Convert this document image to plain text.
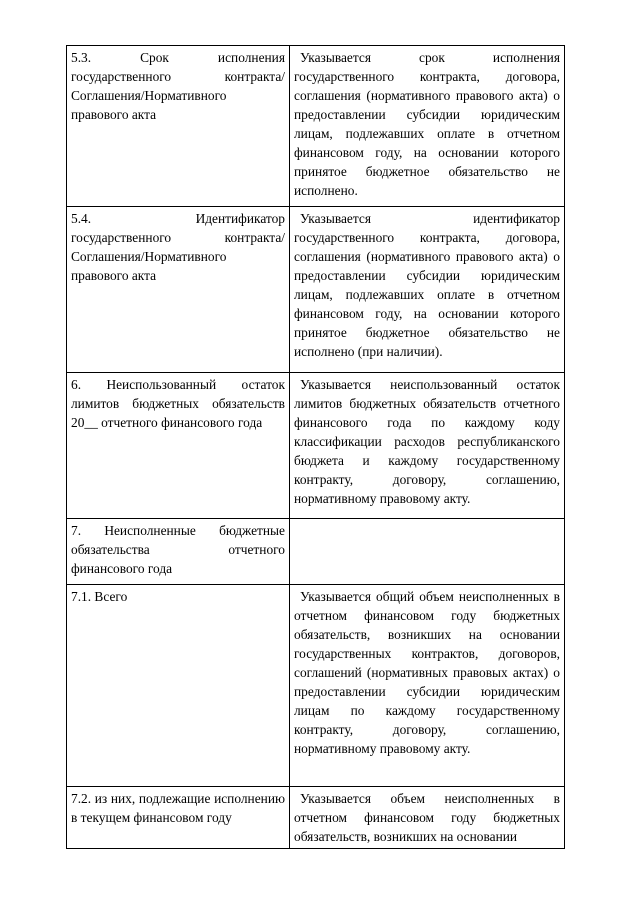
5.3. Срок исполнения государственного контракта/Соглашения/Нормативного правового акта	Указывается срок исполнения государственного контракта, договора, соглашения (нормативного правового акта) о предоставлении субсидии юридическим лицам, подлежавших оплате в отчетном финансовом году, на основании которого принятое бюджетное обязательство не исполнено.
5.4. Идентификатор государственного контракта/Соглашения/Нормативного правового акта	Указывается идентификатор государственного контракта, договора, соглашения (нормативного правового акта) о предоставлении субсидии юридическим лицам, подлежавших оплате в отчетном финансовом году, на основании которого принятое бюджетное обязательство не исполнено (при наличии).
6. Неиспользованный остаток лимитов бюджетных обязательств 20__ отчетного финансового года	Указывается неиспользованный остаток лимитов бюджетных обязательств отчетного финансового года по каждому коду классификации расходов республиканского бюджета и каждому государственному контракту, договору, соглашению, нормативному правовому акту.
7. Неисполненные бюджетные обязательства отчетного финансового года	
7.1. Всего	Указывается общий объем неисполненных в отчетном финансовом году бюджетных обязательств, возникших на основании государственных контрактов, договоров, соглашений (нормативных правовых актах) о предоставлении субсидии юридическим лицам по каждому государственному контракту, договору, соглашению, нормативному правовому акту.
7.2. из них, подлежащие исполнению в текущем финансовом году	Указывается объем неисполненных в отчетном финансовом году бюджетных обязательств, возникших на основании
